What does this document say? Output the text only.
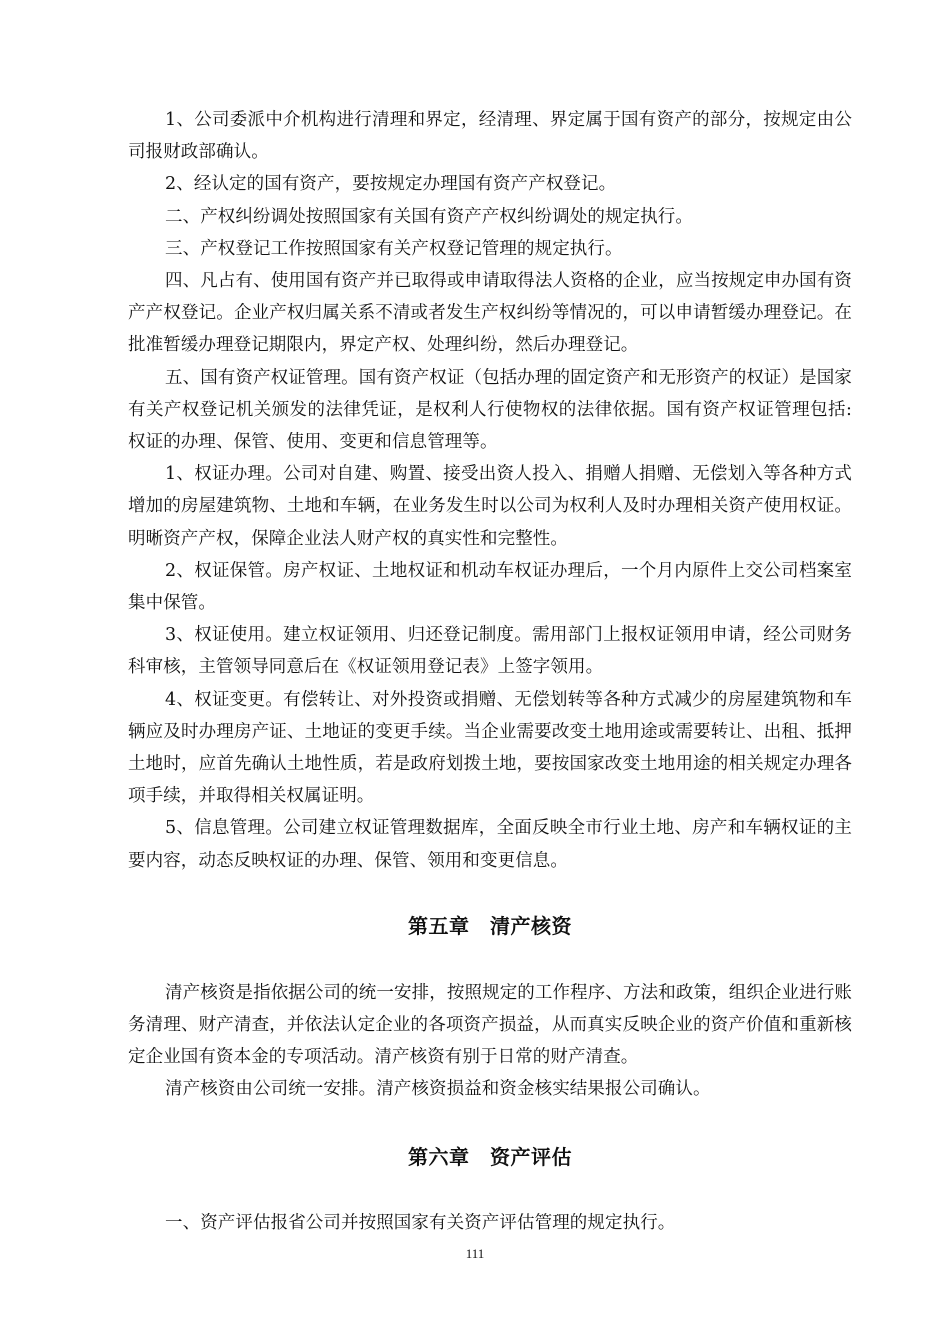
1、公司委派中介机构进行清理和界定，经清理、界定属于国有资产的部分，按规定由公司报财政部确认。

2、经认定的国有资产，要按规定办理国有资产产权登记。

二、产权纠纷调处按照国家有关国有资产产权纠纷调处的规定执行。

三、产权登记工作按照国家有关产权登记管理的规定执行。

四、凡占有、使用国有资产并已取得或申请取得法人资格的企业，应当按规定申办国有资产产权登记。企业产权归属关系不清或者发生产权纠纷等情况的，可以申请暂缓办理登记。在批准暂缓办理登记期限内，界定产权、处理纠纷，然后办理登记。

五、国有资产权证管理。国有资产权证（包括办理的固定资产和无形资产的权证）是国家有关产权登记机关颁发的法律凭证，是权利人行使物权的法律依据。国有资产权证管理包括:权证的办理、保管、使用、变更和信息管理等。

1、权证办理。公司对自建、购置、接受出资人投入、捐赠人捐赠、无偿划入等各种方式增加的房屋建筑物、土地和车辆，在业务发生时以公司为权利人及时办理相关资产使用权证。明晰资产产权，保障企业法人财产权的真实性和完整性。

2、权证保管。房产权证、土地权证和机动车权证办理后，一个月内原件上交公司档案室集中保管。

3、权证使用。建立权证领用、归还登记制度。需用部门上报权证领用申请，经公司财务科审核，主管领导同意后在《权证领用登记表》上签字领用。

4、权证变更。有偿转让、对外投资或捐赠、无偿划转等各种方式减少的房屋建筑物和车辆应及时办理房产证、土地证的变更手续。当企业需要改变土地用途或需要转让、出租、抵押土地时，应首先确认土地性质，若是政府划拨土地，要按国家改变土地用途的相关规定办理各项手续，并取得相关权属证明。

5、信息管理。公司建立权证管理数据库，全面反映全市行业土地、房产和车辆权证的主要内容，动态反映权证的办理、保管、领用和变更信息。

第五章　清产核资

清产核资是指依据公司的统一安排，按照规定的工作程序、方法和政策，组织企业进行账务清理、财产清查，并依法认定企业的各项资产损益，从而真实反映企业的资产价值和重新核定企业国有资本金的专项活动。清产核资有别于日常的财产清查。

清产核资由公司统一安排。清产核资损益和资金核实结果报公司确认。

第六章　资产评估

一、资产评估报省公司并按照国家有关资产评估管理的规定执行。

111
